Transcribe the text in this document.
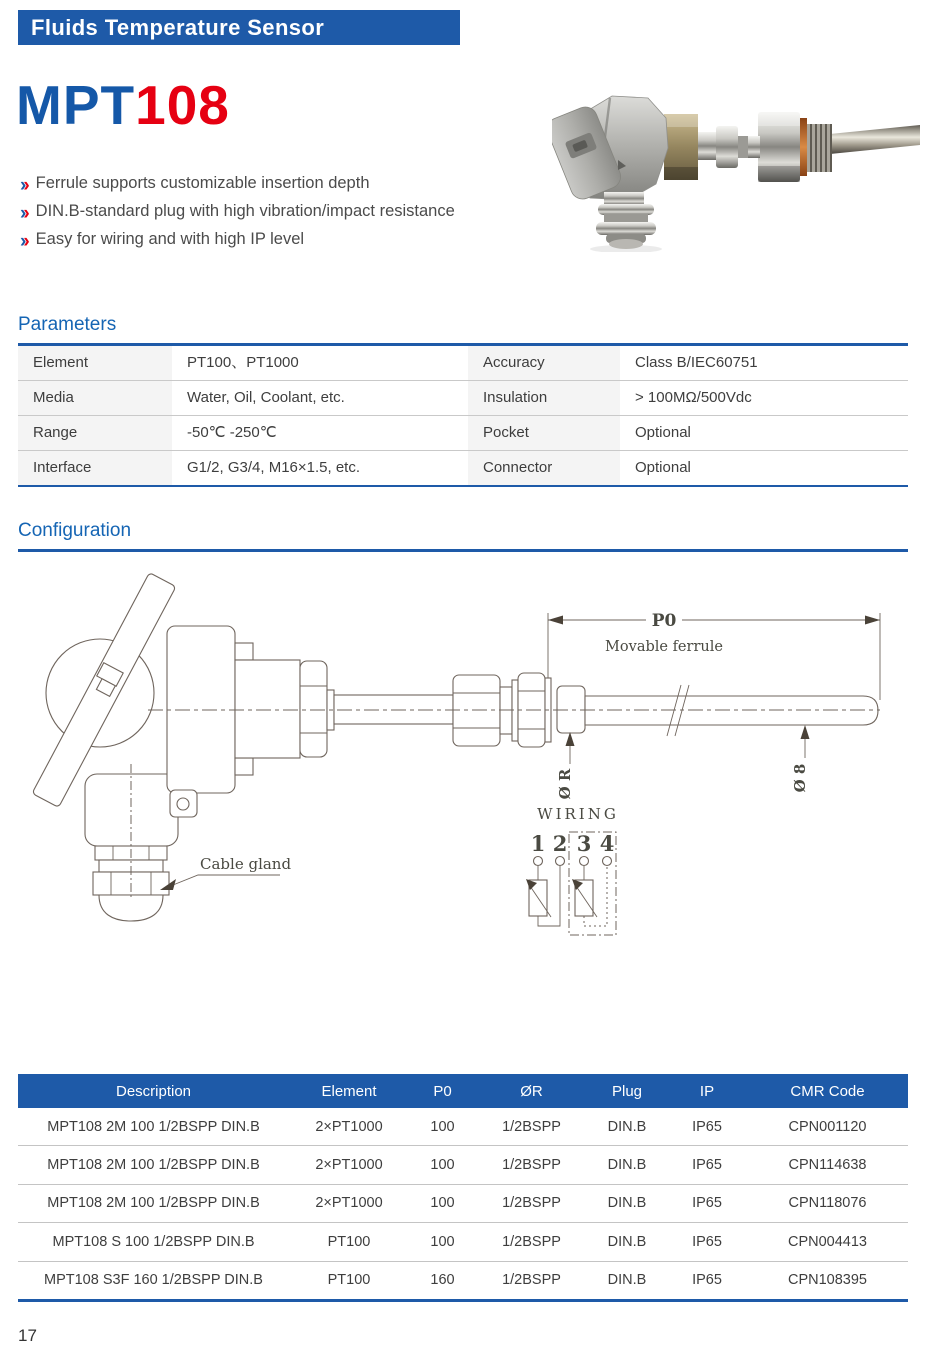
Fluids Temperature Sensor
MPT108
›› Ferrule supports customizable insertion depth
›› DIN.B-standard plug with high vibration/impact resistance
›› Easy for wiring and with high IP level
Parameters
Element	PT100、PT1000	Accuracy	Class B/IEC60751
Media	Water, Oil, Coolant, etc.	Insulation	> 100MΩ/500Vdc
Range	-50℃ -250℃	Pocket	Optional
Interface	G1/2, G3/4, M16×1.5, etc.	Connector	Optional
Configuration
P0
Movable ferrule
Ø R	Ø 8
Cable gland
WIRING
1 2 3 4
Description	Element	P0	ØR	Plug	IP	CMR Code
MPT108 2M 100 1/2BSPP DIN.B	2×PT1000	100	1/2BSPP	DIN.B	IP65	CPN001120
MPT108 2M 100 1/2BSPP DIN.B	2×PT1000	100	1/2BSPP	DIN.B	IP65	CPN114638
MPT108 2M 100 1/2BSPP DIN.B	2×PT1000	100	1/2BSPP	DIN.B	IP65	CPN118076
MPT108 S 100 1/2BSPP DIN.B	PT100	100	1/2BSPP	DIN.B	IP65	CPN004413
MPT108 S3F 160 1/2BSPP DIN.B	PT100	160	1/2BSPP	DIN.B	IP65	CPN108395
17
